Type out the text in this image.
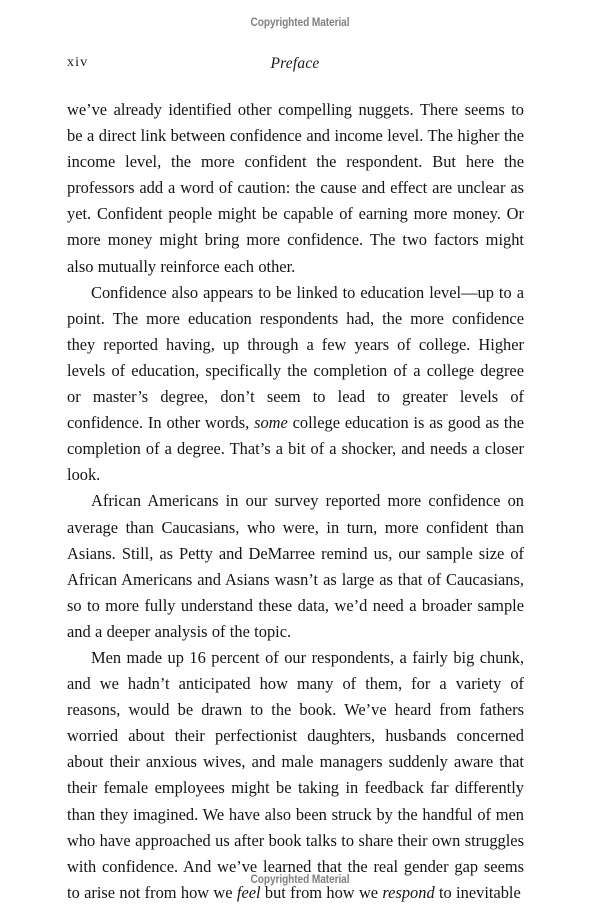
Copyrighted Material
xiv	Preface

we’ve already identified other compelling nuggets. There seems to be a direct link between confidence and income level. The higher the income level, the more confident the respondent. But here the professors add a word of caution: the cause and effect are unclear as yet. Confident people might be capable of earning more money. Or more money might bring more confidence. The two factors might also mutually reinforce each other.

Confidence also appears to be linked to education level—up to a point. The more education respondents had, the more confidence they reported having, up through a few years of college. Higher levels of education, specifically the completion of a college degree or master’s degree, don’t seem to lead to greater levels of confidence. In other words, some college education is as good as the completion of a degree. That’s a bit of a shocker, and needs a closer look.

African Americans in our survey reported more confidence on average than Caucasians, who were, in turn, more confident than Asians. Still, as Petty and DeMarree remind us, our sample size of African Americans and Asians wasn’t as large as that of Caucasians, so to more fully understand these data, we’d need a broader sample and a deeper analysis of the topic.

Men made up 16 percent of our respondents, a fairly big chunk, and we hadn’t anticipated how many of them, for a variety of reasons, would be drawn to the book. We’ve heard from fathers worried about their perfectionist daughters, husbands concerned about their anxious wives, and male managers suddenly aware that their female employees might be taking in feedback far differently than they imagined. We have also been struck by the handful of men who have approached us after book talks to share their own struggles with confidence. And we’ve learned that the real gender gap seems to arise not from how we feel but from how we respond to inevitable

Copyrighted Material
